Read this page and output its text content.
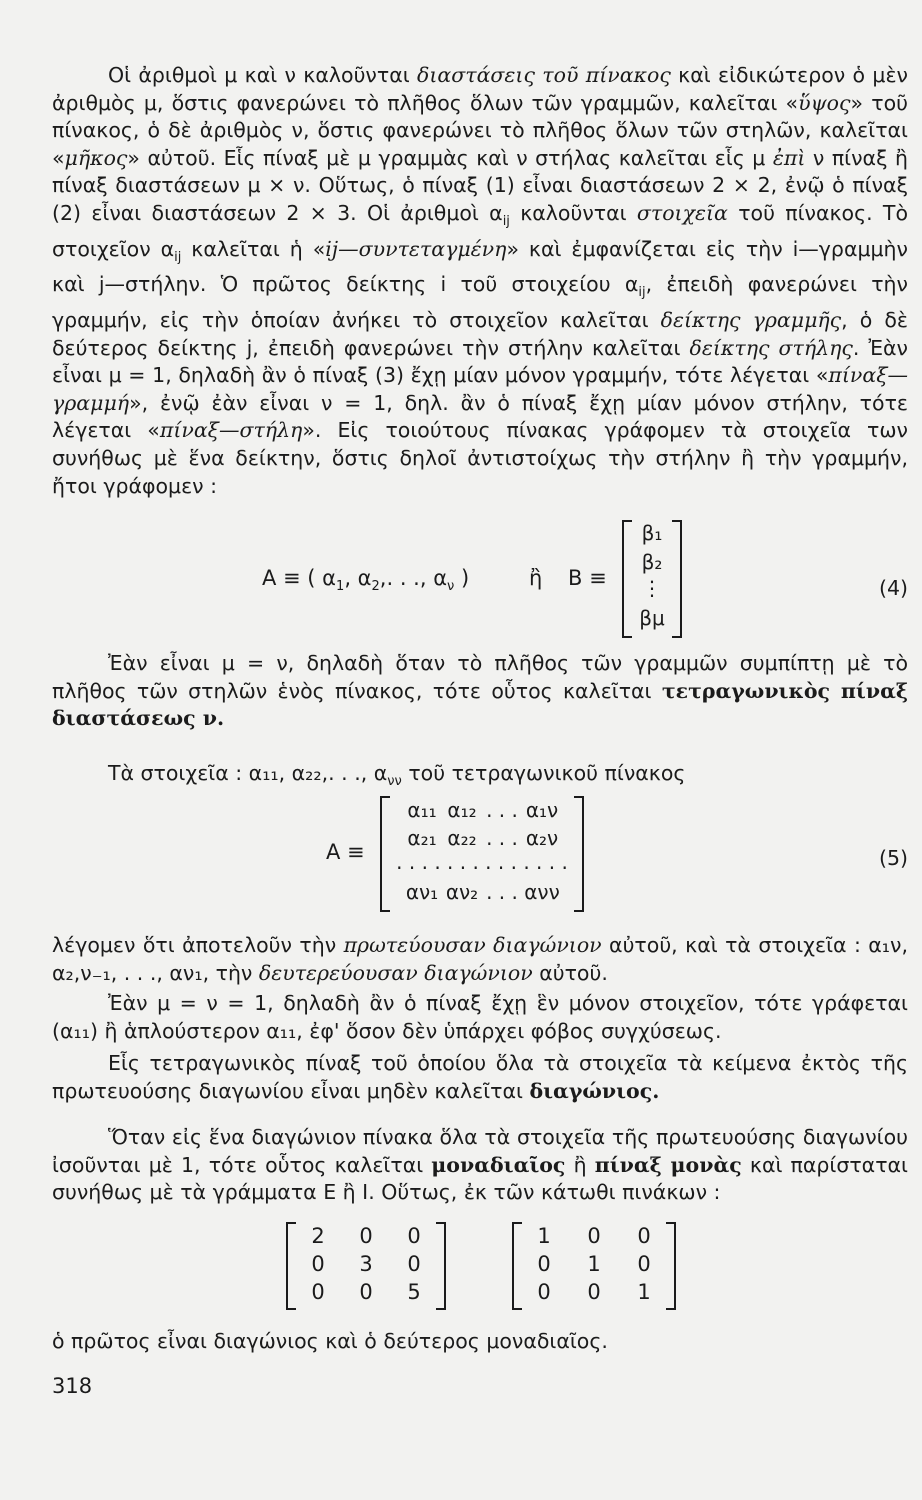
Οἱ ἀριθμοὶ μ καὶ ν καλοῦνται διαστάσεις τοῦ πίνακος καὶ εἰδικώτερον ὁ μὲν ἀριθμὸς μ, ὅστις φανερώνει τὸ πλῆθος ὅλων τῶν γραμμῶν, καλεῖται «ὕψος» τοῦ πίνακος, ὁ δὲ ἀριθμὸς ν, ὅστις φανερώνει τὸ πλῆθος ὅλων τῶν στηλῶν, καλεῖται «μῆκος» αὐτοῦ. Εἷς πίναξ μὲ μ γραμμὰς καὶ ν στήλας καλεῖται εἷς μ ἐπὶ ν πίναξ ἢ πίναξ διαστάσεων μ × ν. Οὕτως, ὁ πίναξ (1) εἶναι διαστάσεων 2 × 2, ἐνῷ ὁ πίναξ (2) εἶναι διαστάσεων 2 × 3. Οἱ ἀριθμοὶ $\alpha_{ij}$ καλοῦνται στοιχεῖα τοῦ πίνακος. Τὸ στοιχεῖον $\alpha_{ij}$ καλεῖται ἡ «ij—συντεταγμένη» καὶ ἐμφανίζεται εἰς τὴν i—γραμμὴν καὶ j—στήλην. Ὁ πρῶτος δείκτης i τοῦ στοιχείου $\alpha_{ij}$, ἐπειδὴ φανερώνει τὴν γραμμήν, εἰς τὴν ὁποίαν ἀνήκει τὸ στοιχεῖον καλεῖται δείκτης γραμμῆς, ὁ δὲ δεύτερος δείκτης j, ἐπειδὴ φανερώνει τὴν στήλην καλεῖται δείκτης στήλης. Ἐὰν εἶναι μ = 1, δηλαδὴ ἂν ὁ πίναξ (3) ἔχῃ μίαν μόνον γραμμήν, τότε λέγεται «πίναξ—γραμμή», ἐνῷ ἐὰν εἶναι ν = 1, δηλ. ἂν ὁ πίναξ ἔχῃ μίαν μόνον στήλην, τότε λέγεται «πίναξ—στήλη». Εἰς τοιούτους πίνακας γράφομεν τὰ στοιχεῖα των συνήθως μὲ ἕνα δείκτην, ὅστις δηλοῖ ἀντιστοίχως τὴν στήλην ἢ τὴν γραμμήν, ἤτοι γράφομεν :

A ≡ ( $\alpha_1$, $\alpha_2$,. . ., $\alpha_\nu$ )	ἢ B ≡
β₁
β₂
⋮
βμ
(4)

Ἐὰν εἶναι μ = ν, δηλαδὴ ὅταν τὸ πλῆθος τῶν γραμμῶν συμπίπτῃ μὲ τὸ πλῆθος τῶν στηλῶν ἑνὸς πίνακος, τότε οὗτος καλεῖται τετραγωνικὸς πίναξ διαστάσεως ν.

Τὰ στοιχεῖα : α₁₁, α₂₂,. . ., $\alpha_{\nu\nu}$ τοῦ τετραγωνικοῦ πίνακος

A ≡
α₁₁ α₁₂ . . . α₁ν
α₂₁ α₂₂ . . . α₂ν
. . . . . . . . . . . . . .
αν₁ αν₂ . . . ανν
(5)

λέγομεν ὅτι ἀποτελοῦν τὴν πρωτεύουσαν διαγώνιον αὐτοῦ, καὶ τὰ στοιχεῖα : α₁ν, α₂,ν₋₁, . . ., αν₁, τὴν δευτερεύουσαν διαγώνιον αὐτοῦ.

Ἐὰν μ = ν = 1, δηλαδὴ ἂν ὁ πίναξ ἔχῃ ἓν μόνον στοιχεῖον, τότε γράφεται (α₁₁) ἢ ἁπλούστερον α₁₁, ἐφ' ὅσον δὲν ὑπάρχει φόβος συγχύσεως.

Εἷς τετραγωνικὸς πίναξ τοῦ ὁποίου ὅλα τὰ στοιχεῖα τὰ κείμενα ἐκτὸς τῆς πρωτευούσης διαγωνίου εἶναι μηδὲν καλεῖται διαγώνιος.

Ὅταν εἰς ἕνα διαγώνιον πίνακα ὅλα τὰ στοιχεῖα τῆς πρωτευούσης διαγωνίου ἰσοῦνται μὲ 1, τότε οὗτος καλεῖται μοναδιαῖος ἢ πίναξ μονὰς καὶ παρίσταται συνήθως μὲ τὰ γράμματα E ἢ I. Οὕτως, ἐκ τῶν κάτωθι πινάκων :

2 0 0
0 3 0
0 0 5
1 0 0
0 1 0
0 0 1

ὁ πρῶτος εἶναι διαγώνιος καὶ ὁ δεύτερος μοναδιαῖος.

318
